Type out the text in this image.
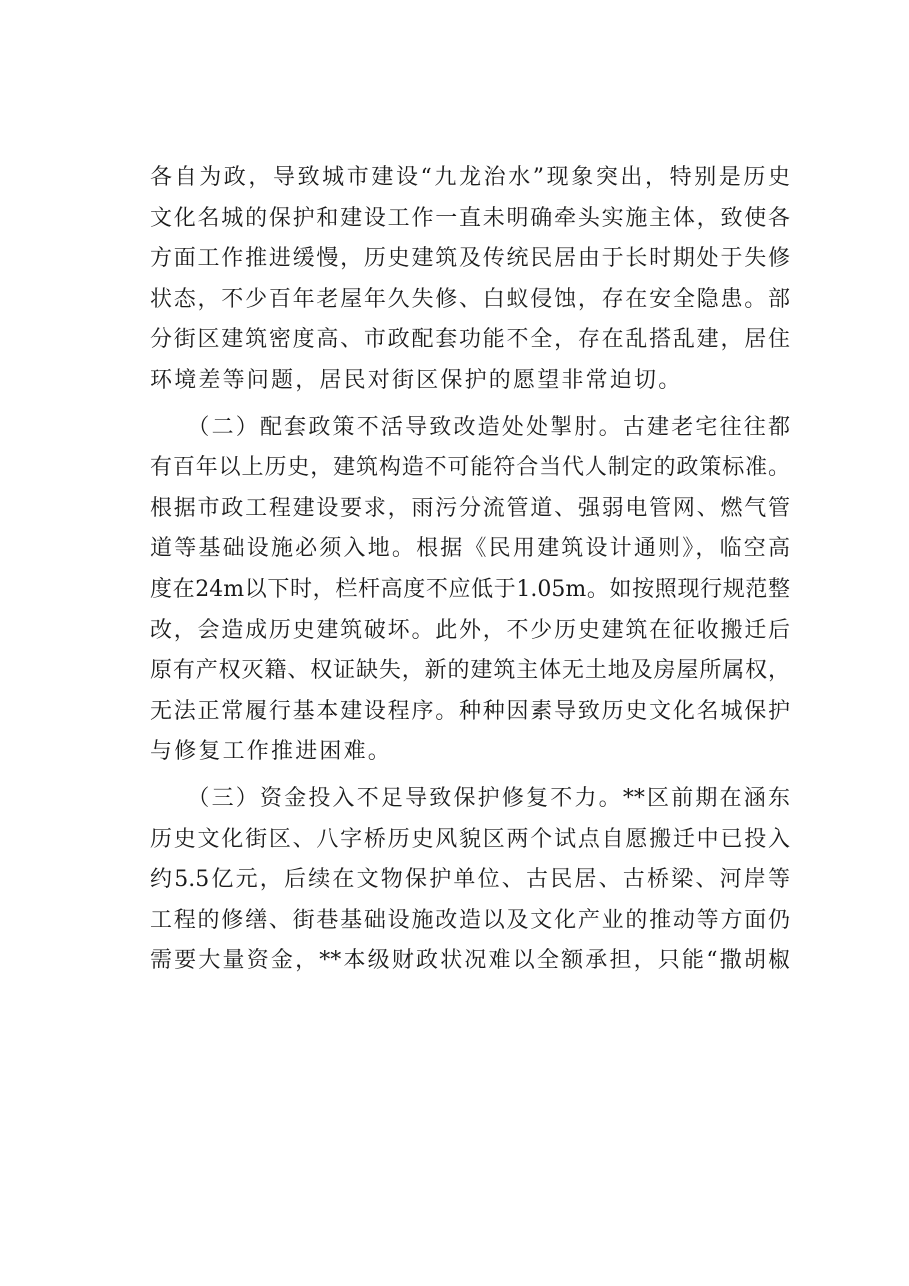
各自为政，导致城市建设“九龙治水”现象突出，特别是历史
文化名城的保护和建设工作一直未明确牵头实施主体，致使各
方面工作推进缓慢，历史建筑及传统民居由于长时期处于失修
状态，不少百年老屋年久失修、白蚁侵蚀，存在安全隐患。部
分街区建筑密度高、市政配套功能不全，存在乱搭乱建，居住
环境差等问题，居民对街区保护的愿望非常迫切。
　　（二）配套政策不活导致改造处处掣肘。古建老宅往往都
有百年以上历史，建筑构造不可能符合当代人制定的政策标准。
根据市政工程建设要求，雨污分流管道、强弱电管网、燃气管
道等基础设施必须入地。根据《民用建筑设计通则》，临空高
度在24m以下时，栏杆高度不应低于1.05m。如按照现行规范整
改，会造成历史建筑破坏。此外，不少历史建筑在征收搬迁后
原有产权灭籍、权证缺失，新的建筑主体无土地及房屋所属权，
无法正常履行基本建设程序。种种因素导致历史文化名城保护
与修复工作推进困难。
　　（三）资金投入不足导致保护修复不力。**区前期在涵东
历史文化街区、八字桥历史风貌区两个试点自愿搬迁中已投入
约5.5亿元，后续在文物保护单位、古民居、古桥梁、河岸等
工程的修缮、街巷基础设施改造以及文化产业的推动等方面仍
需要大量资金，**本级财政状况难以全额承担，只能“撒胡椒
